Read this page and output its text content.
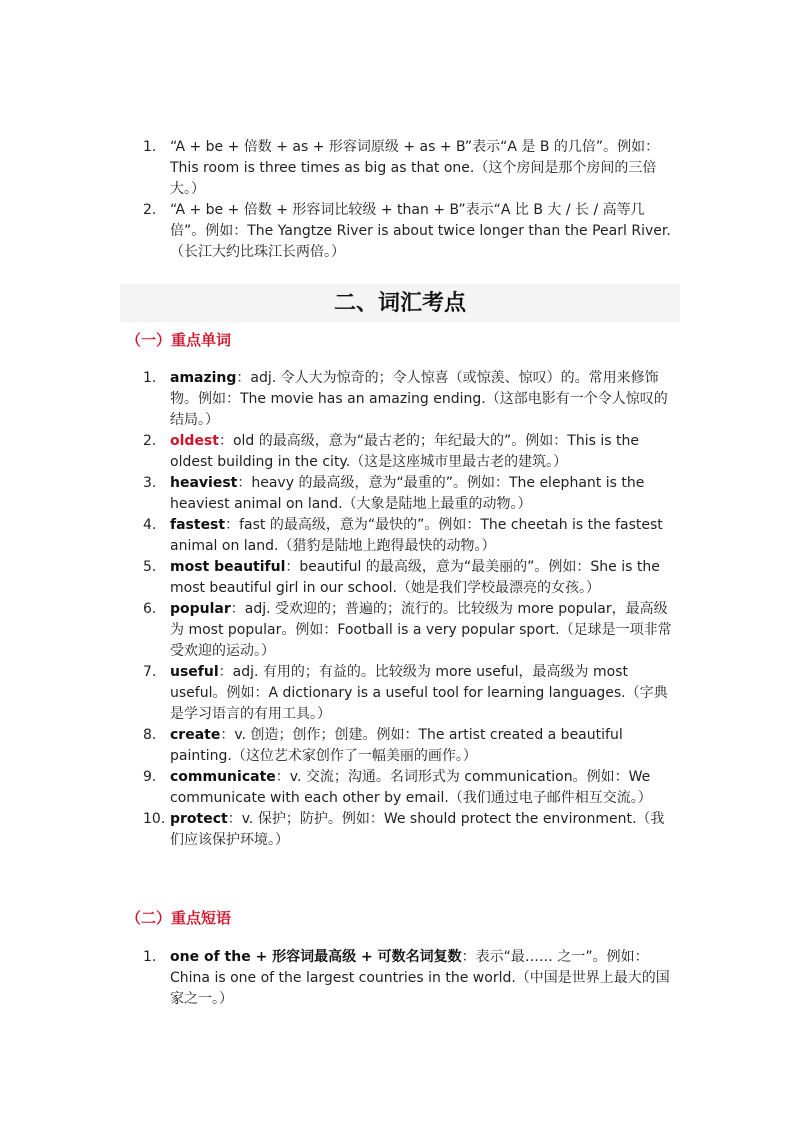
1. “A + be + 倍数 + as + 形容词原级 + as + B”表示“A 是 B 的几倍”。例如：This room is three times as big as that one.（这个房间是那个房间的三倍大。）
2. “A + be + 倍数 + 形容词比较级 + than + B”表示“A 比 B 大 / 长 / 高等几倍”。例如：The Yangtze River is about twice longer than the Pearl River.（长江大约比珠江长两倍。）
二、词汇考点
（一）重点单词
1. amazing：adj. 令人大为惊奇的；令人惊喜（或惊羡、惊叹）的。常用来修饰物。例如：The movie has an amazing ending.（这部电影有一个令人惊叹的结局。）
2. oldest：old 的最高级，意为“最古老的；年纪最大的”。例如：This is the oldest building in the city.（这是这座城市里最古老的建筑。）
3. heaviest：heavy 的最高级，意为“最重的”。例如：The elephant is the heaviest animal on land.（大象是陆地上最重的动物。）
4. fastest：fast 的最高级，意为“最快的”。例如：The cheetah is the fastest animal on land.（猎豹是陆地上跑得最快的动物。）
5. most beautiful：beautiful 的最高级，意为“最美丽的”。例如：She is the most beautiful girl in our school.（她是我们学校最漂亮的女孩。）
6. popular：adj. 受欢迎的；普遍的；流行的。比较级为 more popular，最高级为 most popular。例如：Football is a very popular sport.（足球是一项非常受欢迎的运动。）
7. useful：adj. 有用的；有益的。比较级为 more useful，最高级为 most useful。例如：A dictionary is a useful tool for learning languages.（字典是学习语言的有用工具。）
8. create：v. 创造；创作；创建。例如：The artist created a beautiful painting.（这位艺术家创作了一幅美丽的画作。）
9. communicate：v. 交流；沟通。名词形式为 communication。例如：We communicate with each other by email.（我们通过电子邮件相互交流。）
10. protect：v. 保护；防护。例如：We should protect the environment.（我们应该保护环境。）
（二）重点短语
1. one of the + 形容词最高级 + 可数名词复数：表示“最…… 之一”。例如：China is one of the largest countries in the world.（中国是世界上最大的国家之一。）
